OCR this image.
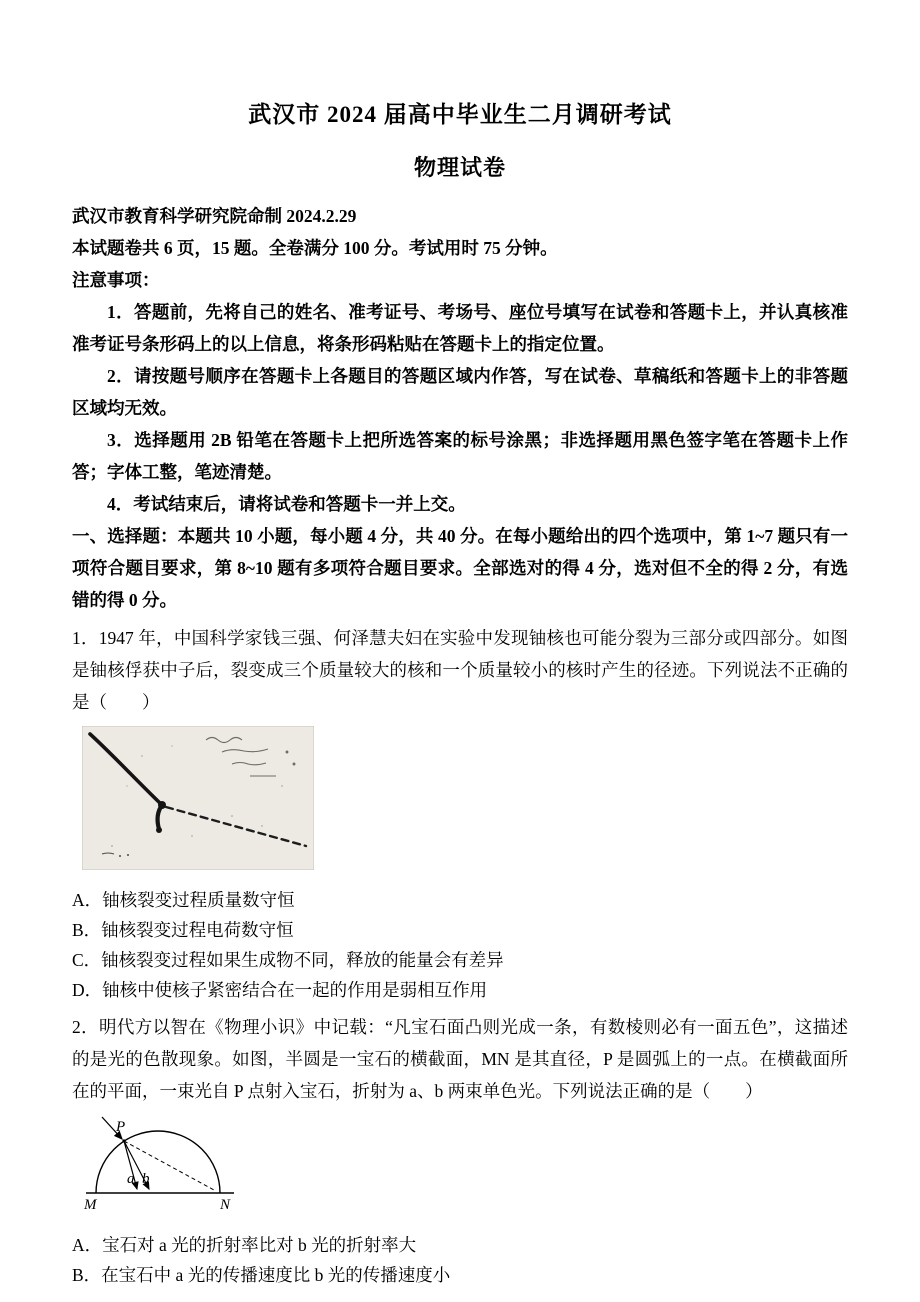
武汉市 2024 届高中毕业生二月调研考试
物理试卷

武汉市教育科学研究院命制 2024.2.29

本试题卷共 6 页，15 题。全卷满分 100 分。考试用时 75 分钟。

注意事项：

1．答题前，先将自己的姓名、准考证号、考场号、座位号填写在试卷和答题卡上，并认真核准准考证号条形码上的以上信息，将条形码粘贴在答题卡上的指定位置。

2．请按题号顺序在答题卡上各题目的答题区域内作答，写在试卷、草稿纸和答题卡上的非答题区域均无效。

3．选择题用 2B 铅笔在答题卡上把所选答案的标号涂黑；非选择题用黑色签字笔在答题卡上作答；字体工整，笔迹清楚。

4．考试结束后，请将试卷和答题卡一并上交。

一、选择题：本题共 10 小题，每小题 4 分，共 40 分。在每小题给出的四个选项中，第 1~7 题只有一项符合题目要求，第 8~10 题有多项符合题目要求。全部选对的得 4 分，选对但不全的得 2 分，有选错的得 0 分。

1．1947 年，中国科学家钱三强、何泽慧夫妇在实验中发现铀核也可能分裂为三部分或四部分。如图是铀核俘获中子后，裂变成三个质量较大的核和一个质量较小的核时产生的径迹。下列说法不正确的是（　　）

A．铀核裂变过程质量数守恒

B．铀核裂变过程电荷数守恒

C．铀核裂变过程如果生成物不同，释放的能量会有差异

D．铀核中使核子紧密结合在一起的作用是弱相互作用

2．明代方以智在《物理小识》中记载：“凡宝石面凸则光成一条，有数棱则必有一面五色”，这描述的是光的色散现象。如图，半圆是一宝石的横截面，MN 是其直径，P 是圆弧上的一点。在横截面所在的平面，一束光自 P 点射入宝石，折射为 a、b 两束单色光。下列说法正确的是（　　）

P
a b
M	N

A．宝石对 a 光的折射率比对 b 光的折射率大

B．在宝石中 a 光的传播速度比 b 光的传播速度小
